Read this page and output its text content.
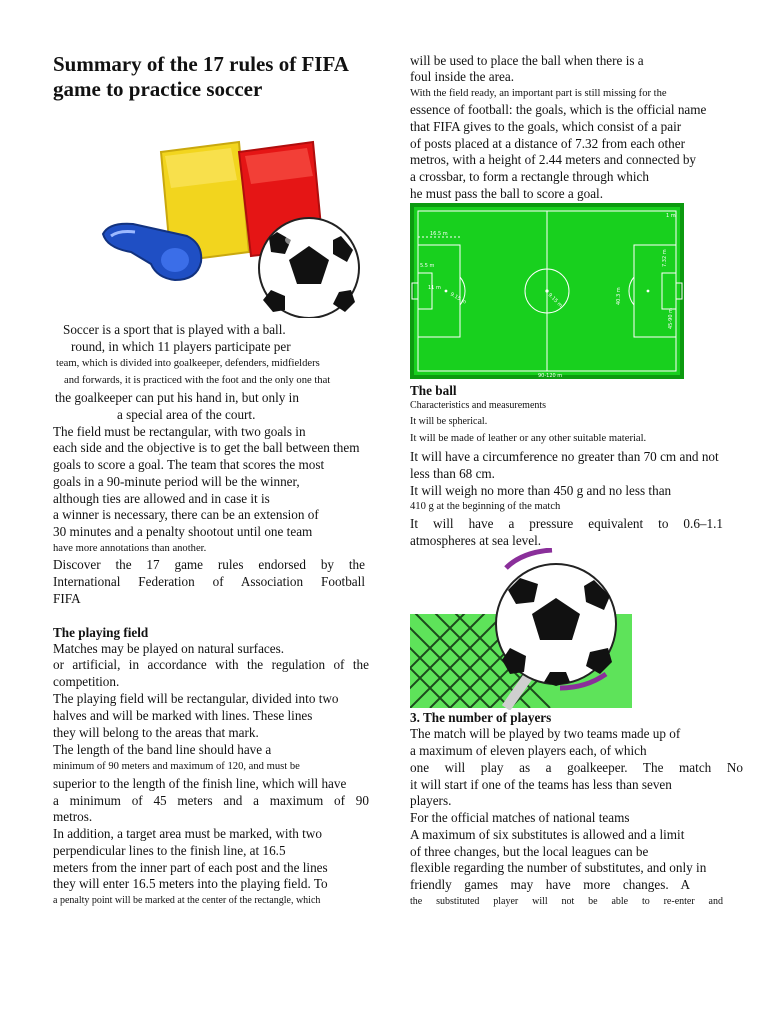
Summary of the 17 rules of FIFA game to practice soccer
Soccer is a sport that is played with a ball.
round, in which 11 players participate per
team, which is divided into goalkeeper, defenders, midfielders
and forwards, it is practiced with the foot and the only one that
the goalkeeper can put his hand in, but only in
a special area of the court.
The field must be rectangular, with two goals in
each side and the objective is to get the ball between them
goals to score a goal. The team that scores the most
goals in a 90-minute period will be the winner,
although ties are allowed and in case it is
a winner is necessary, there can be an extension of
30 minutes and a penalty shootout until one team
have more annotations than another.
Discover the 17 game rules endorsed by the
International Federation of Association Football
FIFA
The playing field
Matches may be played on natural surfaces.
or artificial, in accordance with the regulation of the
competition.
The playing field will be rectangular, divided into two
halves and will be marked with lines. These lines
they will belong to the areas that mark.
The length of the band line should have a
minimum of 90 meters and maximum of 120, and must be
superior to the length of the finish line, which will have
a minimum of 45 meters and a maximum of 90
metros.
In addition, a target area must be marked, with two
perpendicular lines to the finish line, at 16.5
meters from the inner part of each post and the lines
they will enter 16.5 meters into the playing field. To
a penalty point will be marked at the center of the rectangle, which
will be used to place the ball when there is a
foul inside the area.
With the field ready, an important part is still missing for the
essence of football: the goals, which is the official name
that FIFA gives to the goals, which consist of a pair
of posts placed at a distance of 7.32 from each other
metros, with a height of 2.44 meters and connected by
a crossbar, to form a rectangle through which
he must pass the ball to score a goal.
16.5 m
5.5 m
11 m
9.15 m	9.15 m	40.3 m
45-90 m
1 m
7.32 m
90-120 m
The ball
Characteristics and measurements
It will be spherical.
It will be made of leather or any other suitable material.
It will have a circumference no greater than 70 cm and not
less than 68 cm.
It will weigh no more than 450 g and no less than
410 g at the beginning of the match
It will have a pressure equivalent to 0.6–1.1
atmospheres at sea level.
3. The number of players
The match will be played by two teams made up of
a maximum of eleven players each, of which
one will play as a goalkeeper. The match No
it will start if one of the teams has less than seven
players.
For the official matches of national teams
A maximum of six substitutes is allowed and a limit
of three changes, but the local leagues can be
flexible regarding the number of substitutes, and only in
friendly games may have more changes. A
the substituted player will not be able to re-enter and
